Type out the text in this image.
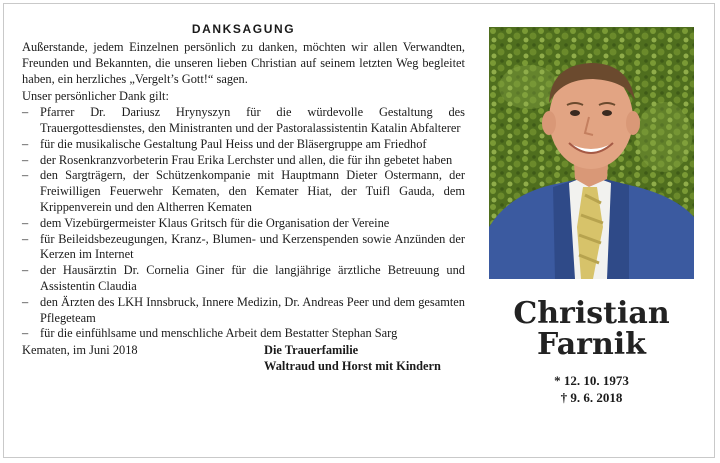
DANKSAGUNG

Außerstande, jedem Einzelnen persönlich zu danken, möchten wir allen Verwandten, Freunden und Bekannten, die unseren lieben Christian auf seinem letzten Weg begleitet haben, ein herzliches „Vergelt’s Gott!“ sagen.

Unser persönlicher Dank gilt:

– Pfarrer Dr. Dariusz Hrynyszyn für die würdevolle Gestaltung des Trauergottesdienstes, den Ministranten und der Pastoralassistentin Katalin Abfalterer
– für die musikalische Gestaltung Paul Heiss und der Bläsergruppe am Friedhof
– der Rosenkranzvorbeterin Frau Erika Lerchster und allen, die für ihn gebetet haben
– den Sargträgern, der Schützenkompanie mit Hauptmann Dieter Ostermann, der Freiwilligen Feuerwehr Kematen, den Kemater Hiat, der Tuifl Gauda, dem Krippenverein und den Altherren Kematen
– dem Vizebürgermeister Klaus Gritsch für die Organisation der Vereine
– für Beileidsbezeugungen, Kranz-, Blumen- und Kerzenspenden sowie Anzünden der Kerzen im Internet
– der Hausärztin Dr. Cornelia Giner für die langjährige ärztliche Betreuung und Assistentin Claudia
– den Ärzten des LKH Innsbruck, Innere Medizin, Dr. Andreas Peer und dem gesamten Pflegeteam
– für die einfühlsame und menschliche Arbeit dem Bestatter Stephan Sarg
Kematen, im Juni 2018	Die Trauerfamilie
Waltraud und Horst mit Kindern
Christian
Farnik
* 12. 10. 1973
† 9. 6. 2018
